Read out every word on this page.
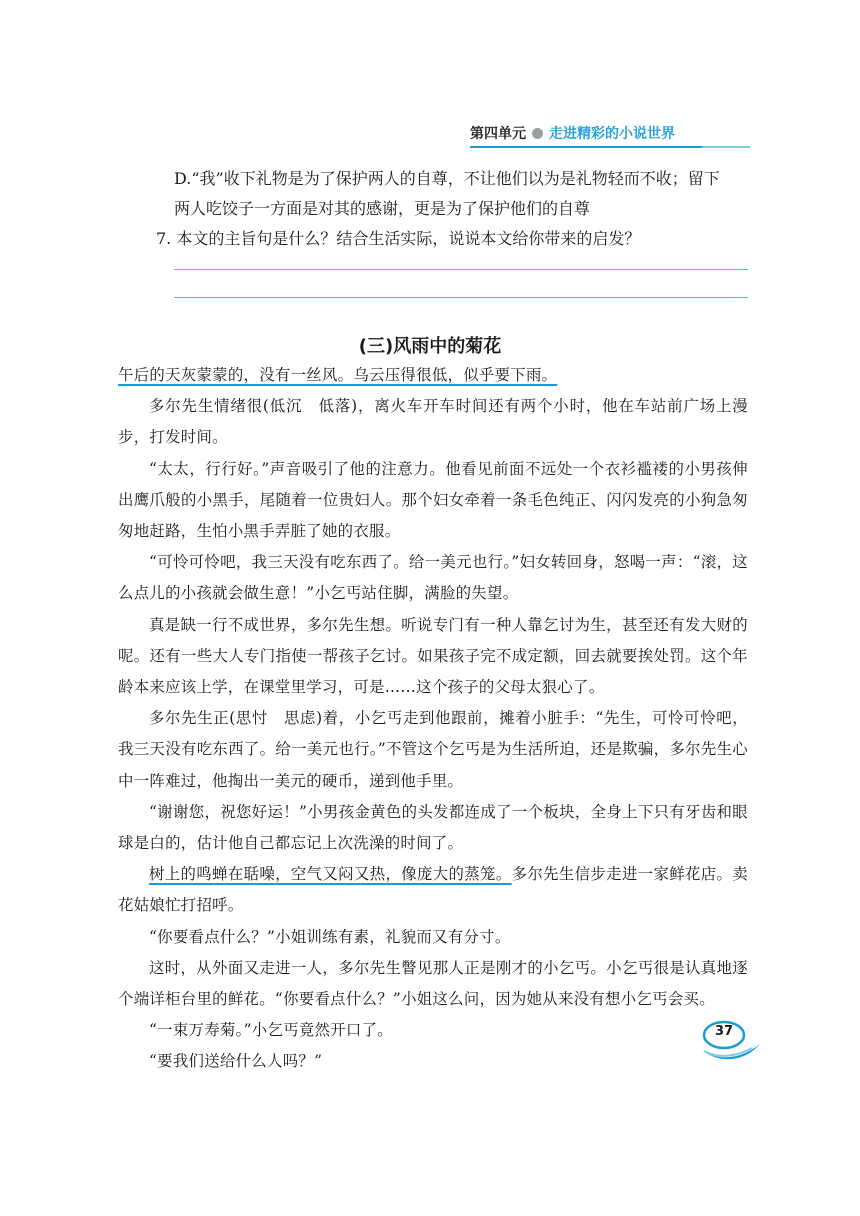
第四单元 走进精彩的小说世界
D.“我”收下礼物是为了保护两人的自尊，不让他们以为是礼物轻而不收；留下
两人吃饺子一方面是对其的感谢，更是为了保护他们的自尊
7. 本文的主旨句是什么？结合生活实际，说说本文给你带来的启发？
(三)风雨中的菊花

午后的天灰蒙蒙的，没有一丝风。乌云压得很低，似乎要下雨。

多尔先生情绪很(低沉　低落)，离火车开车时间还有两个小时，他在车站前广场上漫步，打发时间。

“太太，行行好。”声音吸引了他的注意力。他看见前面不远处一个衣衫褴褛的小男孩伸出鹰爪般的小黑手，尾随着一位贵妇人。那个妇女牵着一条毛色纯正、闪闪发亮的小狗急匆匆地赶路，生怕小黑手弄脏了她的衣服。

“可怜可怜吧，我三天没有吃东西了。给一美元也行。”妇女转回身，怒喝一声：“滚，这么点儿的小孩就会做生意！”小乞丐站住脚，满脸的失望。

真是缺一行不成世界，多尔先生想。听说专门有一种人靠乞讨为生，甚至还有发大财的呢。还有一些大人专门指使一帮孩子乞讨。如果孩子完不成定额，回去就要挨处罚。这个年龄本来应该上学，在课堂里学习，可是……这个孩子的父母太狠心了。

多尔先生正(思忖　思虑)着，小乞丐走到他跟前，摊着小脏手：“先生，可怜可怜吧，我三天没有吃东西了。给一美元也行。”不管这个乞丐是为生活所迫，还是欺骗，多尔先生心中一阵难过，他掏出一美元的硬币，递到他手里。

“谢谢您，祝您好运！”小男孩金黄色的头发都连成了一个板块，全身上下只有牙齿和眼球是白的，估计他自己都忘记上次洗澡的时间了。

树上的鸣蝉在聒噪，空气又闷又热，像庞大的蒸笼。多尔先生信步走进一家鲜花店。卖花姑娘忙打招呼。

“你要看点什么？”小姐训练有素，礼貌而又有分寸。

这时，从外面又走进一人，多尔先生瞥见那人正是刚才的小乞丐。小乞丐很是认真地逐个端详柜台里的鲜花。“你要看点什么？”小姐这么问，因为她从来没有想小乞丐会买。

“一束万寿菊。”小乞丐竟然开口了。

“要我们送给什么人吗？”

37
